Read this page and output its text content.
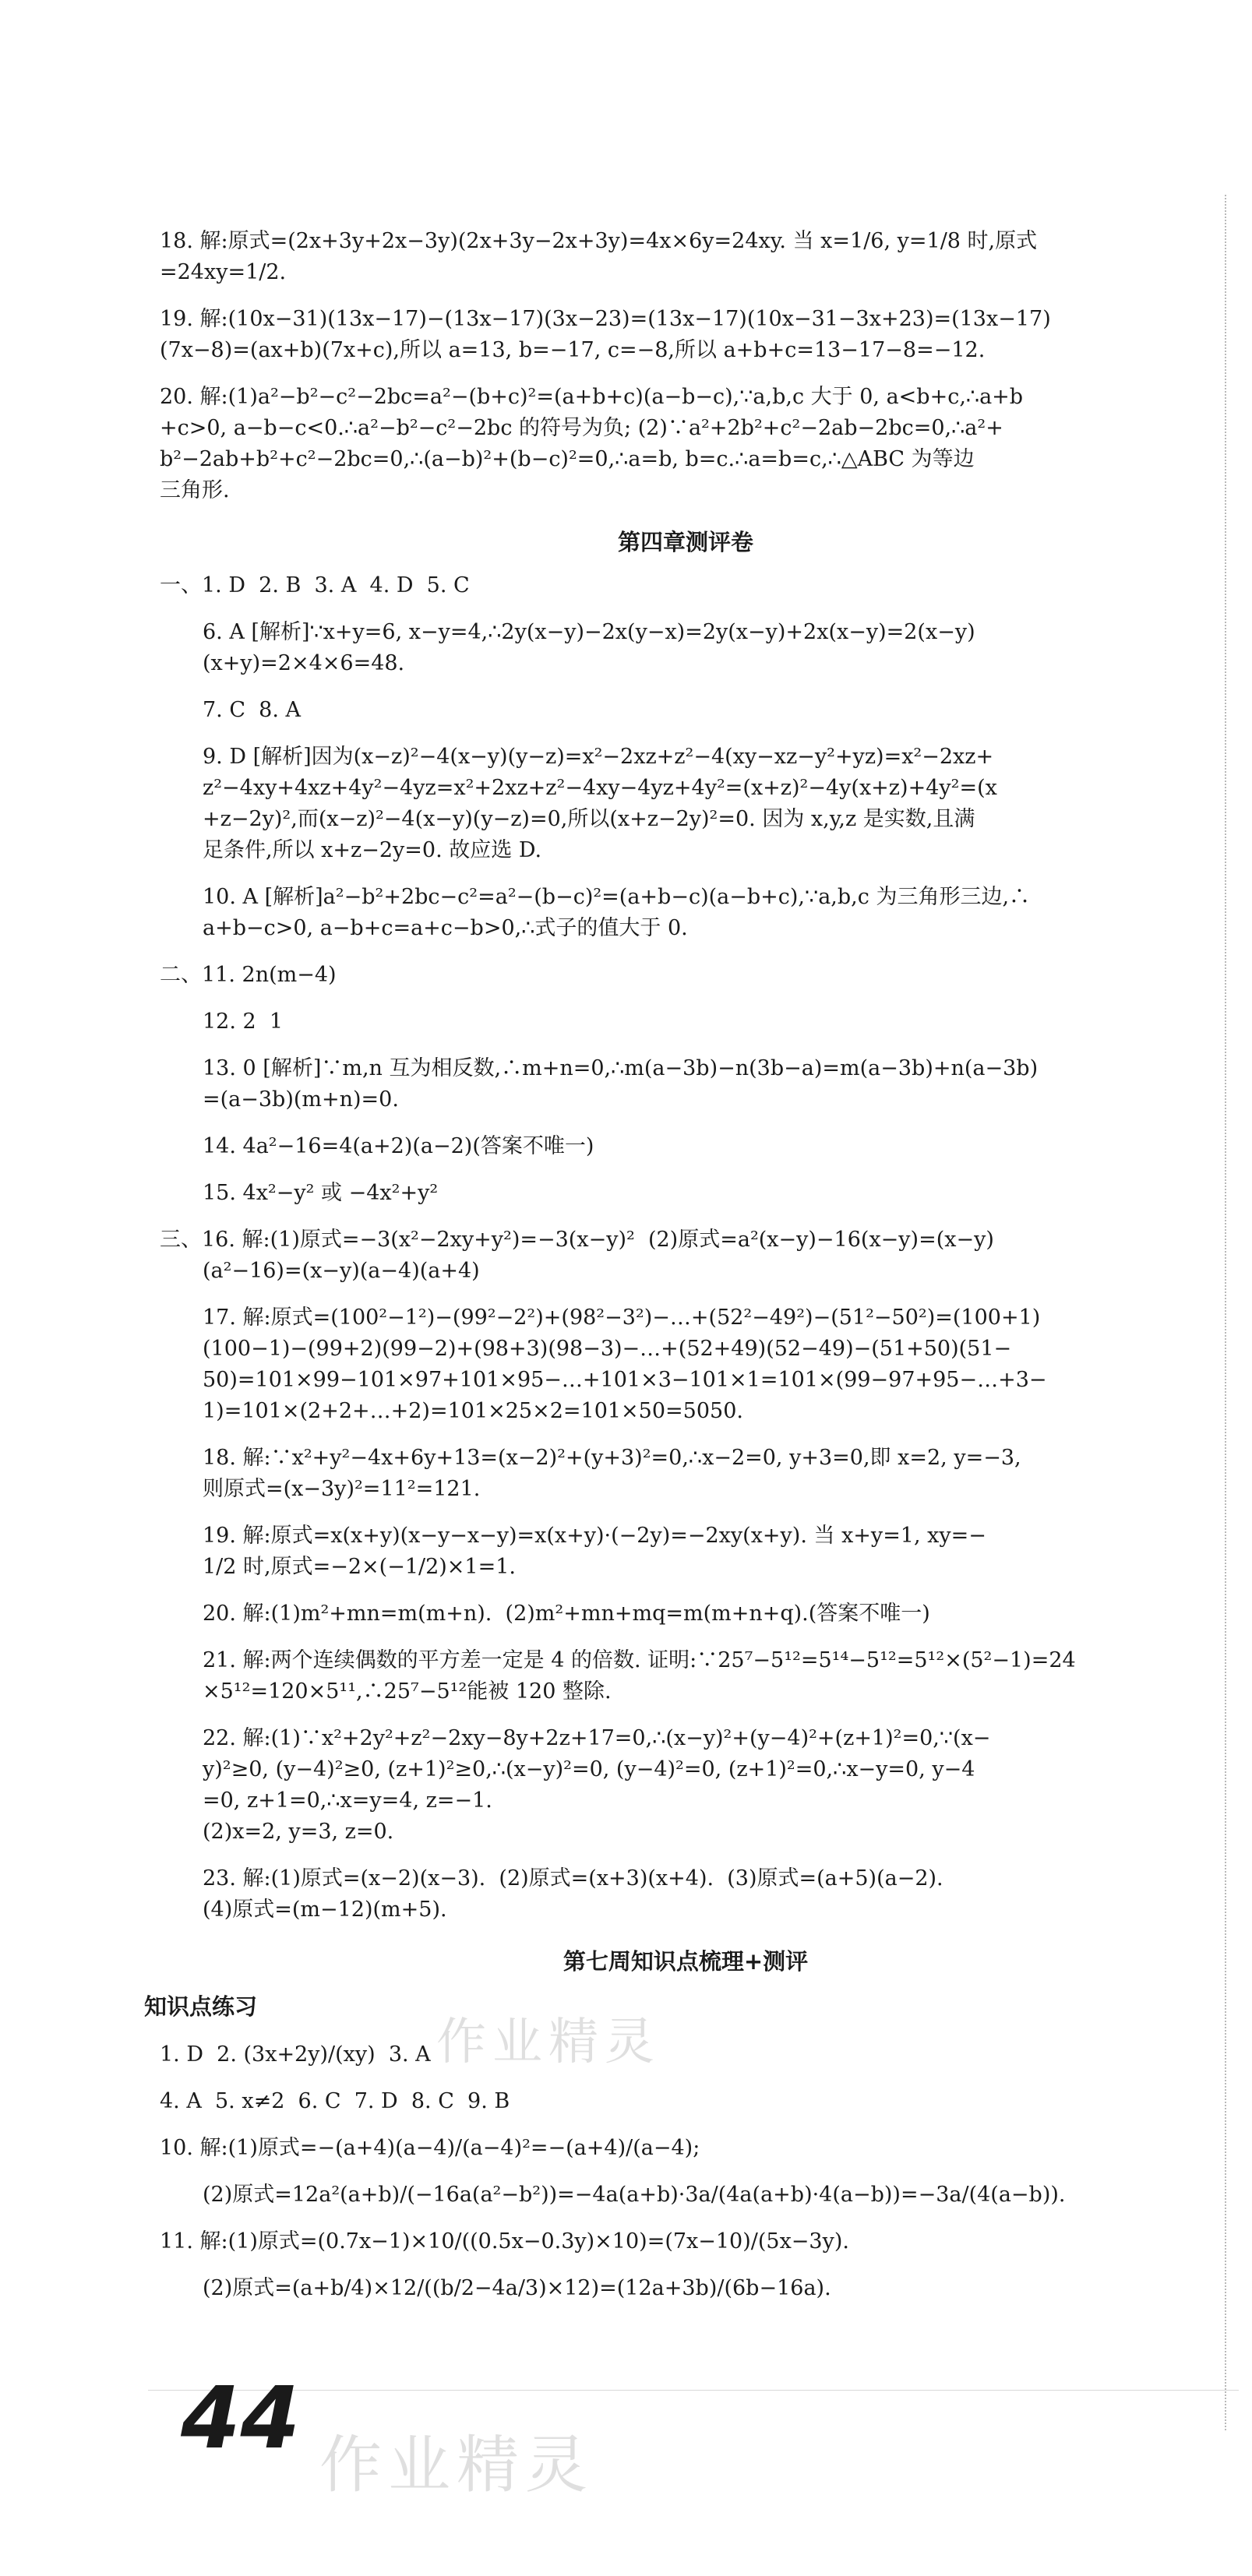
18. 解:原式=(2x+3y+2x−3y)(2x+3y−2x+3y)=4x×6y=24xy. 当 x=1/6, y=1/8 时,原式

=24xy=1/2.

19. 解:(10x−31)(13x−17)−(13x−17)(3x−23)=(13x−17)(10x−31−3x+23)=(13x−17)

(7x−8)=(ax+b)(7x+c),所以 a=13, b=−17, c=−8,所以 a+b+c=13−17−8=−12.

20. 解:(1)a²−b²−c²−2bc=a²−(b+c)²=(a+b+c)(a−b−c),∵a,b,c 大于 0, a<b+c,∴a+b

+c>0, a−b−c<0.∴a²−b²−c²−2bc 的符号为负; (2)∵a²+2b²+c²−2ab−2bc=0,∴a²+

b²−2ab+b²+c²−2bc=0,∴(a−b)²+(b−c)²=0,∴a=b, b=c.∴a=b=c,∴△ABC 为等边

三角形.

第四章测评卷

一、1. D  2. B  3. A  4. D  5. C

6. A [解析]∵x+y=6, x−y=4,∴2y(x−y)−2x(y−x)=2y(x−y)+2x(x−y)=2(x−y)

(x+y)=2×4×6=48.

7. C  8. A

9. D [解析]因为(x−z)²−4(x−y)(y−z)=x²−2xz+z²−4(xy−xz−y²+yz)=x²−2xz+

z²−4xy+4xz+4y²−4yz=x²+2xz+z²−4xy−4yz+4y²=(x+z)²−4y(x+z)+4y²=(x

+z−2y)²,而(x−z)²−4(x−y)(y−z)=0,所以(x+z−2y)²=0. 因为 x,y,z 是实数,且满

足条件,所以 x+z−2y=0. 故应选 D.

10. A [解析]a²−b²+2bc−c²=a²−(b−c)²=(a+b−c)(a−b+c),∵a,b,c 为三角形三边,∴

a+b−c>0, a−b+c=a+c−b>0,∴式子的值大于 0.

二、11. 2n(m−4)

12. 2  1

13. 0 [解析]∵m,n 互为相反数,∴m+n=0,∴m(a−3b)−n(3b−a)=m(a−3b)+n(a−3b)

=(a−3b)(m+n)=0.

14. 4a²−16=4(a+2)(a−2)(答案不唯一)

15. 4x²−y² 或 −4x²+y²

三、16. 解:(1)原式=−3(x²−2xy+y²)=−3(x−y)²  (2)原式=a²(x−y)−16(x−y)=(x−y)

(a²−16)=(x−y)(a−4)(a+4)

17. 解:原式=(100²−1²)−(99²−2²)+(98²−3²)−…+(52²−49²)−(51²−50²)=(100+1)

(100−1)−(99+2)(99−2)+(98+3)(98−3)−…+(52+49)(52−49)−(51+50)(51−

50)=101×99−101×97+101×95−…+101×3−101×1=101×(99−97+95−…+3−

1)=101×(2+2+…+2)=101×25×2=101×50=5050.

18. 解:∵x²+y²−4x+6y+13=(x−2)²+(y+3)²=0,∴x−2=0, y+3=0,即 x=2, y=−3,

则原式=(x−3y)²=11²=121.

19. 解:原式=x(x+y)(x−y−x−y)=x(x+y)·(−2y)=−2xy(x+y). 当 x+y=1, xy=−

1/2 时,原式=−2×(−1/2)×1=1.

20. 解:(1)m²+mn=m(m+n).  (2)m²+mn+mq=m(m+n+q).(答案不唯一)

21. 解:两个连续偶数的平方差一定是 4 的倍数. 证明:∵25⁷−5¹²=5¹⁴−5¹²=5¹²×(5²−1)=24

×5¹²=120×5¹¹,∴25⁷−5¹²能被 120 整除.

22. 解:(1)∵x²+2y²+z²−2xy−8y+2z+17=0,∴(x−y)²+(y−4)²+(z+1)²=0,∵(x−

y)²≥0, (y−4)²≥0, (z+1)²≥0,∴(x−y)²=0, (y−4)²=0, (z+1)²=0,∴x−y=0, y−4

=0, z+1=0,∴x=y=4, z=−1.

(2)x=2, y=3, z=0.

23. 解:(1)原式=(x−2)(x−3).  (2)原式=(x+3)(x+4).  (3)原式=(a+5)(a−2).

(4)原式=(m−12)(m+5).

第七周知识点梳理+测评
知识点练习

1. D  2. (3x+2y)/(xy)  3. A

4. A  5. x≠2  6. C  7. D  8. C  9. B

10. 解:(1)原式=−(a+4)(a−4)/(a−4)²=−(a+4)/(a−4);

(2)原式=12a²(a+b)/(−16a(a²−b²))=−4a(a+b)·3a/(4a(a+b)·4(a−b))=−3a/(4(a−b)).

11. 解:(1)原式=(0.7x−1)×10/((0.5x−0.3y)×10)=(7x−10)/(5x−3y).

(2)原式=(a+b/4)×12/((b/2−4a/3)×12)=(12a+3b)/(6b−16a).

作业精灵
44 作业精灵
